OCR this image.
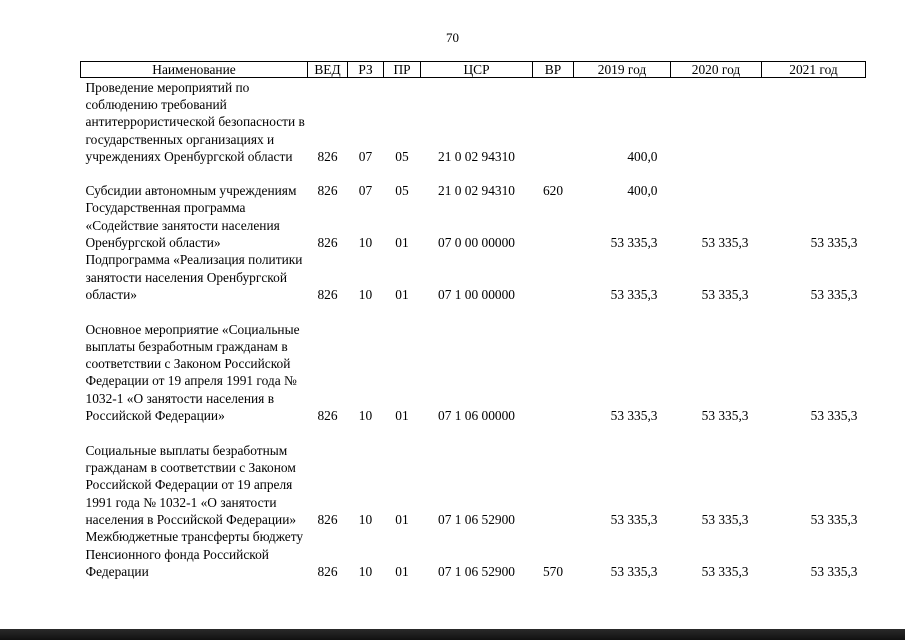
70
Наименование	ВЕД	РЗ	ПР	ЦСР	ВР	2019 год	2020 год	2021 год
Проведение мероприятий по соблюдению требований антитеррористической безопасности в государственных организациях и учреждениях Оренбургской области	826	07	05	21 0 02 94310		400,0		
Субсидии автономным учреждениям	826	07	05	21 0 02 94310	620	400,0		
Государственная программа «Содействие занятости населения Оренбургской области»	826	10	01	07 0 00 00000		53 335,3	53 335,3	53 335,3
Подпрограмма «Реализация политики занятости населения Оренбургской области»	826	10	01	07 1 00 00000		53 335,3	53 335,3	53 335,3
Основное мероприятие «Социальные выплаты безработным гражданам в соответствии с Законом Российской Федерации от 19 апреля 1991 года № 1032-1 «О занятости населения в Российской Федерации»	826	10	01	07 1 06 00000		53 335,3	53 335,3	53 335,3
Социальные выплаты безработным гражданам в соответствии с Законом Российской Федерации от 19 апреля 1991 года № 1032-1 «О занятости населения в Российской Федерации»	826	10	01	07 1 06 52900		53 335,3	53 335,3	53 335,3
Межбюджетные трансферты бюджету Пенсионного фонда Российской Федерации	826	10	01	07 1 06 52900	570	53 335,3	53 335,3	53 335,3
